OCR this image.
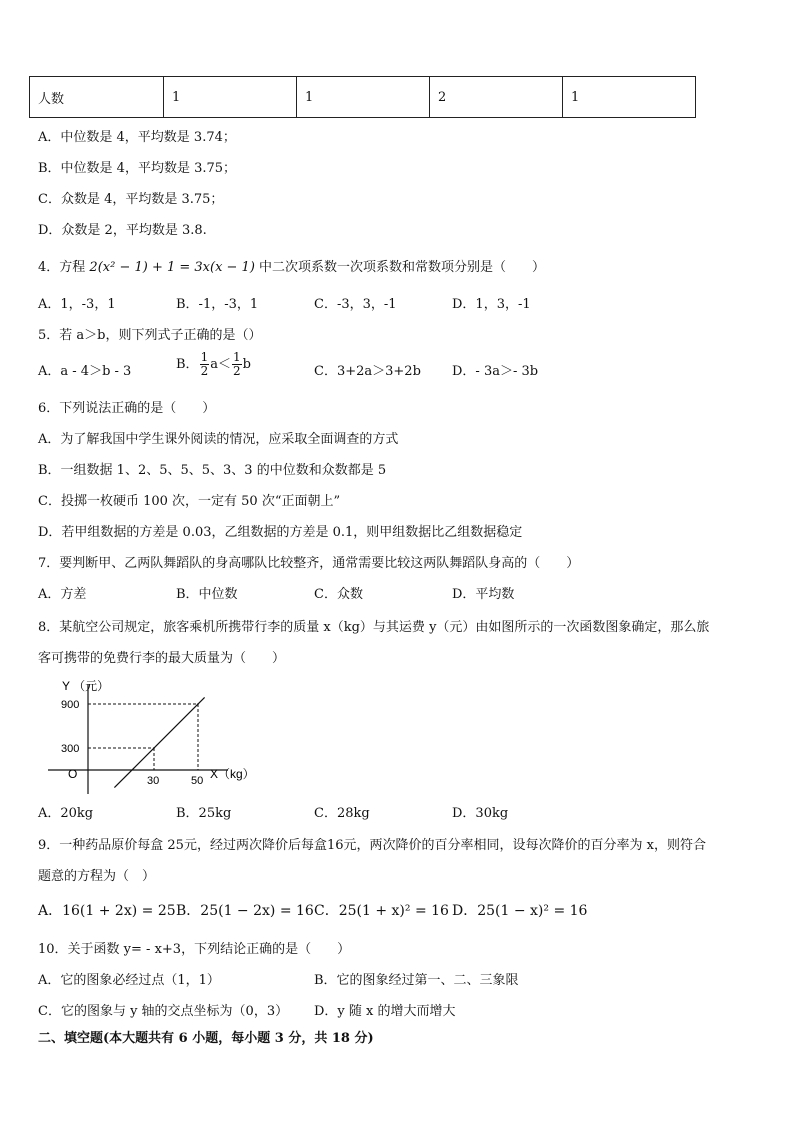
人数	1	1	2	1
A．中位数是 4，平均数是 3.74；
B．中位数是 4，平均数是 3.75；
C．众数是 4，平均数是 3.75；
D．众数是 2，平均数是 3.8.
4．方程 2(x² − 1) + 1 = 3x(x − 1) 中二次项系数一次项系数和常数项分别是（　　）
A．1，-3，1	B．-1，-3，1	C．-3，3，-1	D．1，3，-1
5．若 a＞b，则下列式子正确的是（）
A．a - 4＞b - 3	B． $\frac{1}{2} a< \frac{1}{2}$ b	C．3+2a＞3+2b D．- 3a＞- 3b
6．下列说法正确的是（　　）
A．为了解我国中学生课外阅读的情况，应采取全面调查的方式
B．一组数据 1、2、5、5、5、3、3 的中位数和众数都是 5
C．投掷一枚硬币 100 次，一定有 50 次“正面朝上”
D．若甲组数据的方差是 0.03，乙组数据的方差是 0.1，则甲组数据比乙组数据稳定
7．要判断甲、乙两队舞蹈队的身高哪队比较整齐，通常需要比较这两队舞蹈队身高的（　　）
A．方差	B．中位数	C．众数	D．平均数
8．某航空公司规定，旅客乘机所携带行李的质量 x（kg）与其运费 y（元）由如图所示的一次函数图象确定，那么旅
客可携带的免费行李的最大质量为（　　）
Y （元）
X（kg）
O	30
300
50
900
A．20kg	B．25kg	C．28kg	D．30kg
9．一种药品原价每盒 25元，经过两次降价后每盒16元，两次降价的百分率相同，设每次降价的百分率为 x，则符合
题意的方程为（　）
A．16(1 + 2x) = 25 B．25(1 − 2x) = 16 C．25(1 + x)² = 16 D．25(1 − x)² = 16
10．关于函数 y= - x+3，下列结论正确的是（　　）
A．它的图象必经过点（1，1）	B．它的图象经过第一、二、三象限
C．它的图象与 y 轴的交点坐标为（0，3） D．y 随 x 的增大而增大
二、填空题(本大题共有 6 小题，每小题 3 分，共 18 分)
